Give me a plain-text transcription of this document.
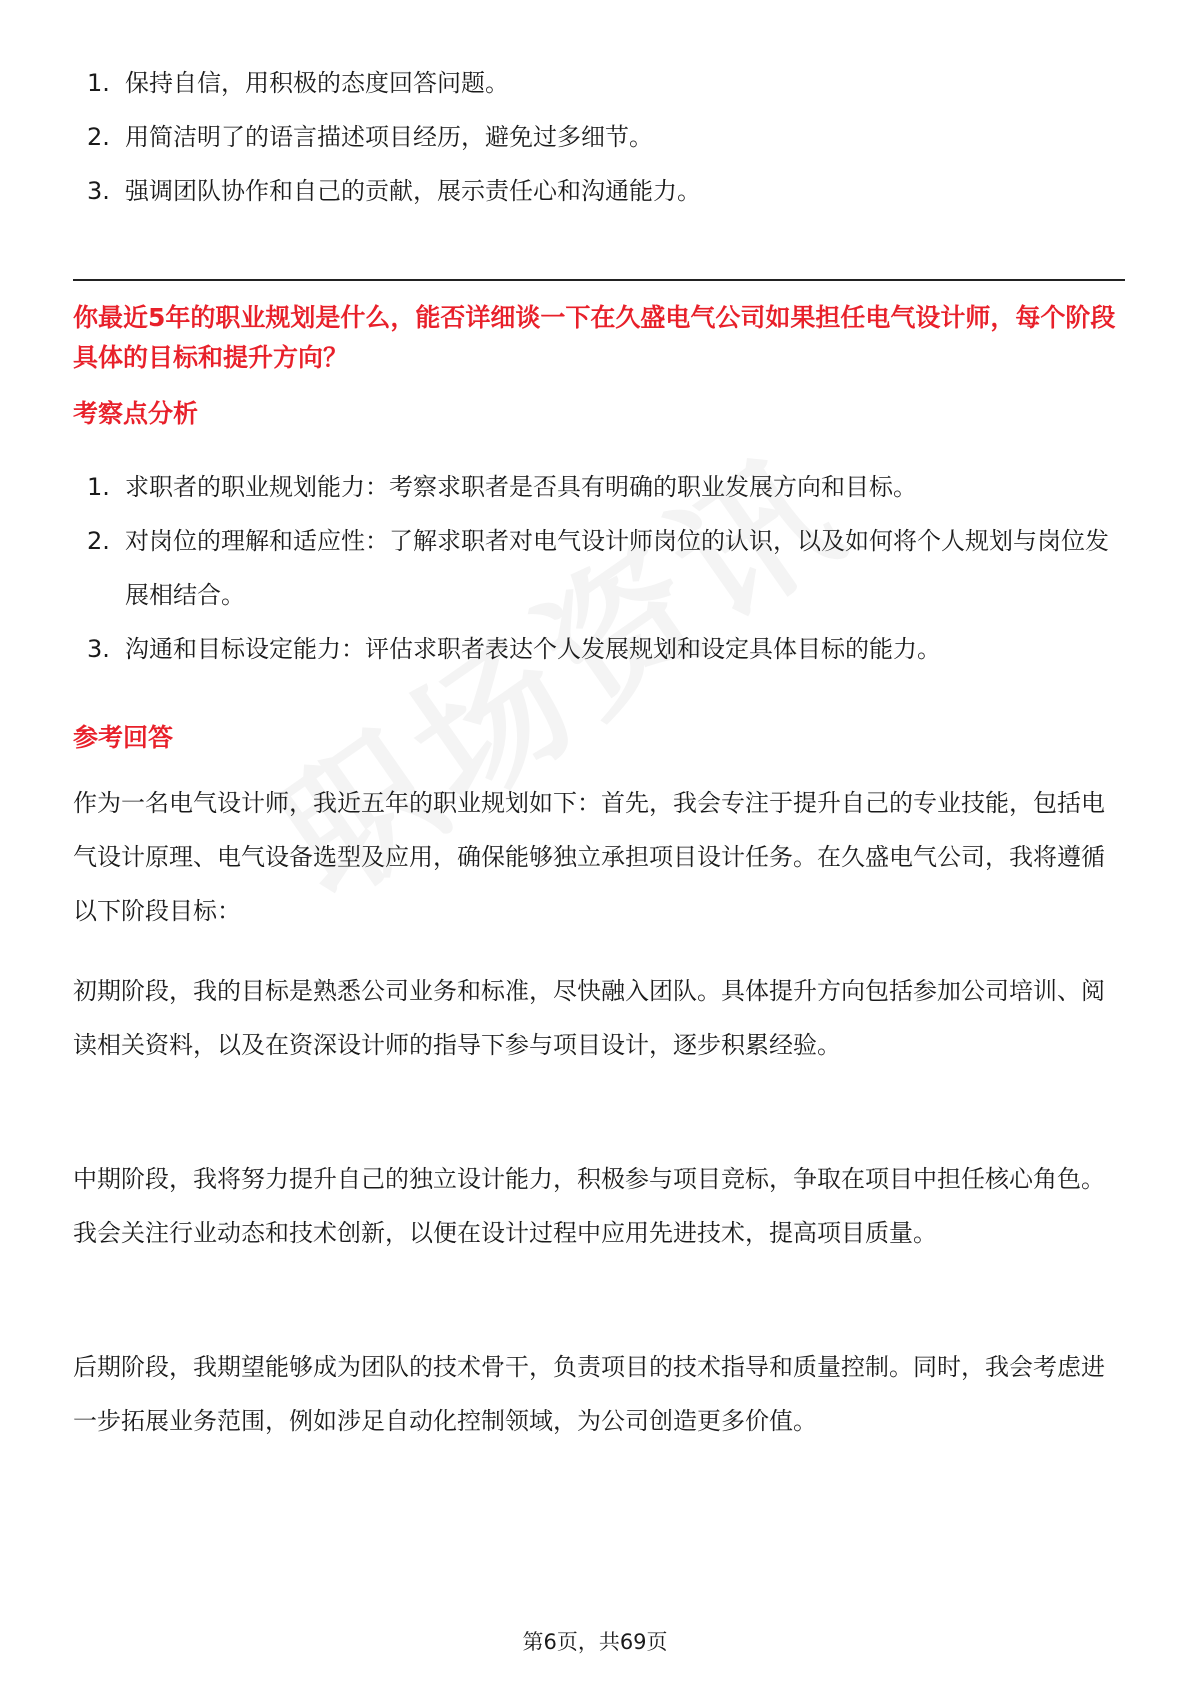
1. 保持自信，用积极的态度回答问题。
2. 用简洁明了的语言描述项目经历，避免过多细节。
3. 强调团队协作和自己的贡献，展示责任心和沟通能力。
你最近5年的职业规划是什么，能否详细谈一下在久盛电气公司如果担任电气设计师，每个阶段具体的目标和提升方向？
考察点分析
1. 求职者的职业规划能力：考察求职者是否具有明确的职业发展方向和目标。
2. 对岗位的理解和适应性：了解求职者对电气设计师岗位的认识，以及如何将个人规划与岗位发展相结合。
3. 沟通和目标设定能力：评估求职者表达个人发展规划和设定具体目标的能力。
参考回答

作为一名电气设计师，我近五年的职业规划如下：首先，我会专注于提升自己的专业技能，包括电气设计原理、电气设备选型及应用，确保能够独立承担项目设计任务。在久盛电气公司，我将遵循以下阶段目标：

初期阶段，我的目标是熟悉公司业务和标准，尽快融入团队。具体提升方向包括参加公司培训、阅读相关资料，以及在资深设计师的指导下参与项目设计，逐步积累经验。

中期阶段，我将努力提升自己的独立设计能力，积极参与项目竞标，争取在项目中担任核心角色。我会关注行业动态和技术创新，以便在设计过程中应用先进技术，提高项目质量。

后期阶段，我期望能够成为团队的技术骨干，负责项目的技术指导和质量控制。同时，我会考虑进一步拓展业务范围，例如涉足自动化控制领域，为公司创造更多价值。

第6页，共69页
